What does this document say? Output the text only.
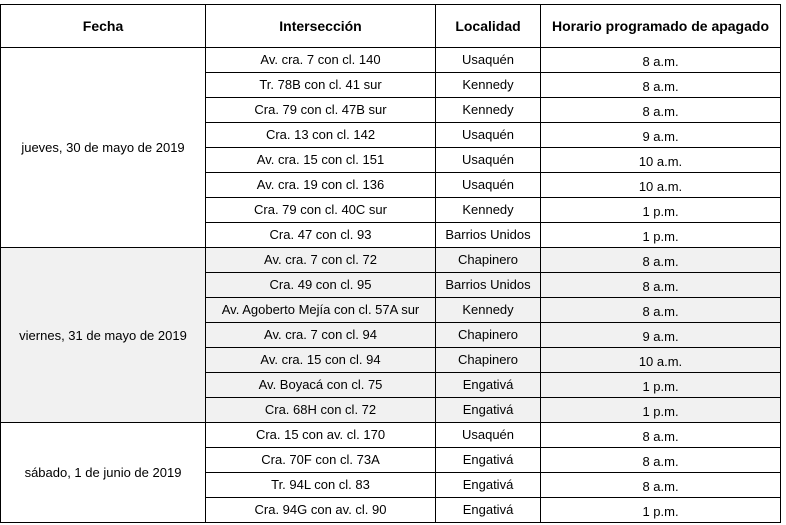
Fecha	Intersección	Localidad	Horario programado de apagado
jueves, 30 de mayo de 2019	Av. cra. 7 con cl. 140	Usaquén	8 a.m.
	Tr. 78B con cl. 41 sur	Kennedy	8 a.m.
	Cra. 79 con cl. 47B sur	Kennedy	8 a.m.
	Cra. 13 con cl. 142	Usaquén	9 a.m.
	Av. cra. 15 con cl. 151	Usaquén	10 a.m.
	Av. cra. 19 con cl. 136	Usaquén	10 a.m.
	Cra. 79 con cl. 40C sur	Kennedy	1 p.m.
	Cra. 47 con cl. 93	Barrios Unidos	1 p.m.
viernes, 31 de mayo de 2019	Av. cra. 7 con cl. 72	Chapinero	8 a.m.
	Cra. 49 con cl. 95	Barrios Unidos	8 a.m.
	Av. Agoberto Mejía con cl. 57A sur	Kennedy	8 a.m.
	Av. cra. 7 con cl. 94	Chapinero	9 a.m.
	Av. cra. 15 con cl. 94	Chapinero	10 a.m.
	Av. Boyacá con cl. 75	Engativá	1 p.m.
	Cra. 68H con cl. 72	Engativá	1 p.m.
sábado, 1 de junio de 2019	Cra. 15 con av. cl. 170	Usaquén	8 a.m.
	Cra. 70F con cl. 73A	Engativá	8 a.m.
	Tr. 94L con cl. 83	Engativá	8 a.m.
	Cra. 94G con av. cl. 90	Engativá	1 p.m.
